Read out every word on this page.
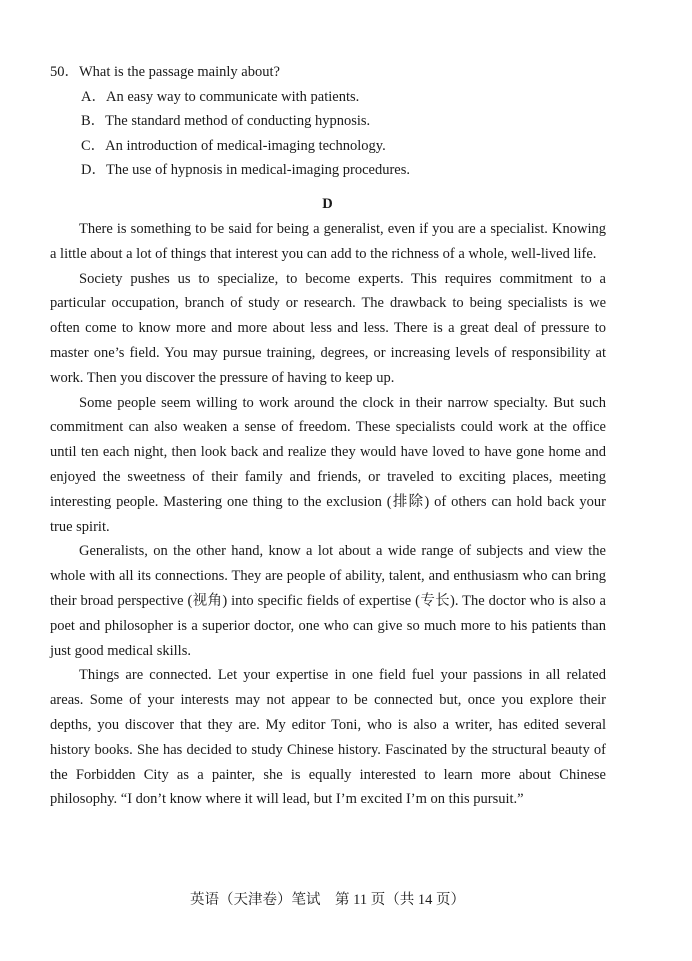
50．What is the passage mainly about?

A．An easy way to communicate with patients.

B．The standard method of conducting hypnosis.

C．An introduction of medical-imaging technology.

D．The use of hypnosis in medical-imaging procedures.

D

There is something to be said for being a generalist, even if you are a specialist. Knowing a little about a lot of things that interest you can add to the richness of a whole, well-lived life.

Society pushes us to specialize, to become experts. This requires commitment to a particular occupation, branch of study or research. The drawback to being specialists is we often come to know more and more about less and less. There is a great deal of pressure to master one’s field. You may pursue training, degrees, or increasing levels of responsibility at work. Then you discover the pressure of having to keep up.

Some people seem willing to work around the clock in their narrow specialty. But such commitment can also weaken a sense of freedom. These specialists could work at the office until ten each night, then look back and realize they would have loved to have gone home and enjoyed the sweetness of their family and friends, or traveled to exciting places, meeting interesting people. Mastering one thing to the exclusion (排除) of others can hold back your true spirit.

Generalists, on the other hand, know a lot about a wide range of subjects and view the whole with all its connections. They are people of ability, talent, and enthusiasm who can bring their broad perspective (视角) into specific fields of expertise (专长). The doctor who is also a poet and philosopher is a superior doctor, one who can give so much more to his patients than just good medical skills.

Things are connected. Let your expertise in one field fuel your passions in all related areas. Some of your interests may not appear to be connected but, once you explore their depths, you discover that they are. My editor Toni, who is also a writer, has edited several history books. She has decided to study Chinese history. Fascinated by the structural beauty of the Forbidden City as a painter, she is equally interested to learn more about Chinese philosophy. “I don’t know where it will lead, but I’m excited I’m on this pursuit.”

英语（天津卷）笔试　第 11 页（共 14 页）
